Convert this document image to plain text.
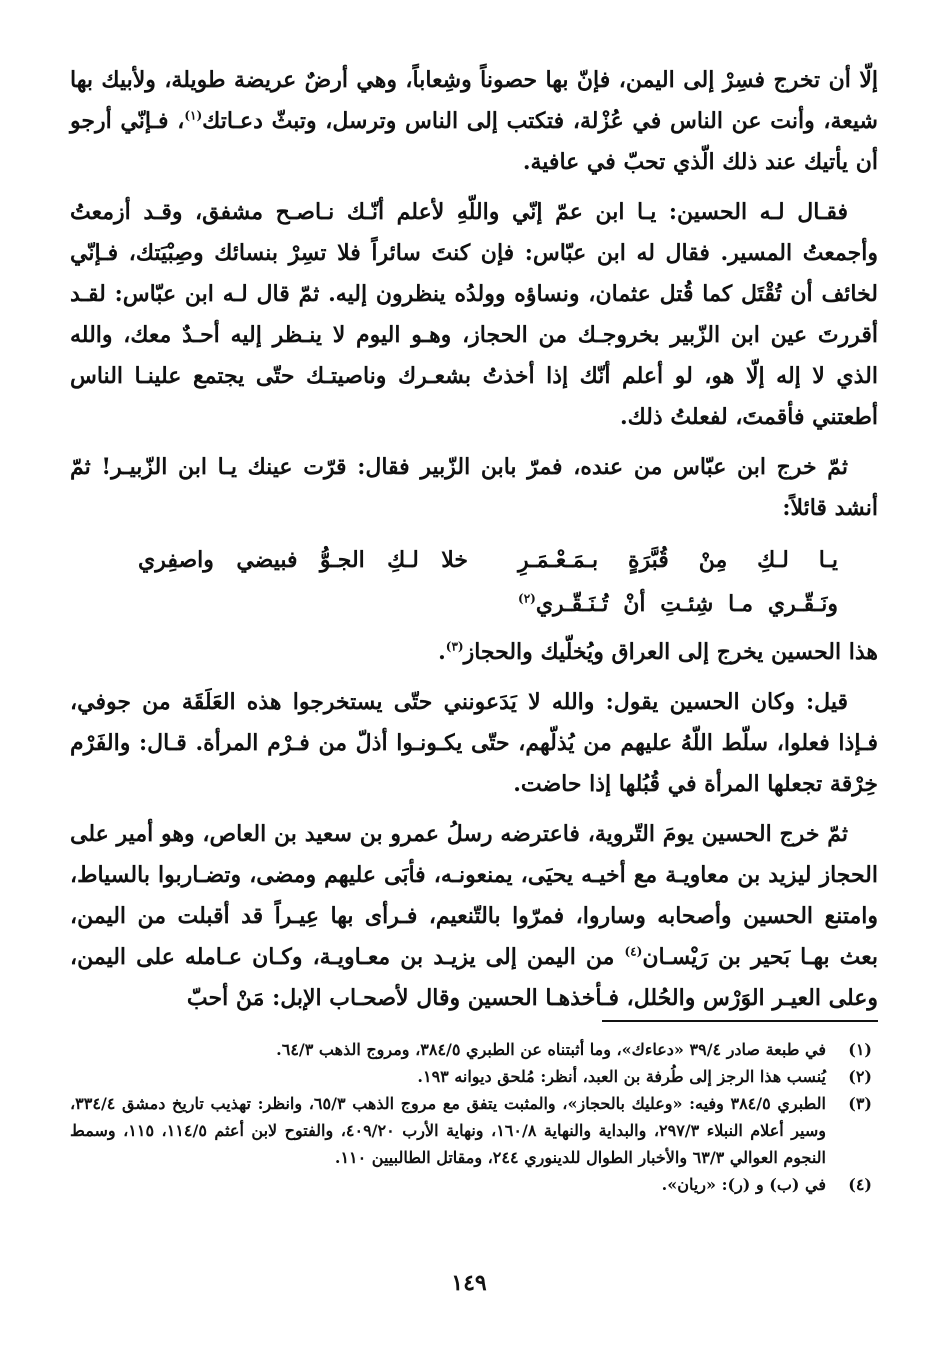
إلّا أن تخرج فسِرْ إلى اليمن، فإنّ بها حصوناً وشِعاباً، وهي أرضٌ عريضة طويلة، ولأبيك بها شيعة، وأنت عن الناس في عُزْلة، فتكتب إلى الناس وترسل، وتبثّ دعـاتك$^{(١)}$، فـإنّي أرجو أن يأتيك عند ذلك الّذي تحبّ في عافية.

فقـال لـه الحسين: يـا ابن عمّ إنّي واللّهِ لأعلم أنّـك نـاصـح مشفق، وقـد أزمعتُ وأجمعتُ المسير. فقال له ابن عبّاس: فإن كنتَ سائراً فلا تسِرْ بنسائك وصِبْيَتك، فـإنّي لخائف أن تُقْتَل كما قُتل عثمان، ونساؤه وولدُه ينظرون إليه. ثمّ قال لـه ابن عبّاس: لقـد أقررتَ عين ابن الزّبير بخروجـك من الحجاز، وهـو اليوم لا ينـظر إليه أحـدٌ معك، والله الذي لا إله إلّا هو، لو أعلم أنّك إذا أخذتُ بشعـرك وناصيتـك حتّى يجتمع علينـا الناس أطعتني فأقمتَ، لفعلتُ ذلك.

ثمّ خرج ابن عبّاس من عنده، فمرّ بابن الزّبير فقال: قرّت عينك يـا ابن الزّبيـر! ثمّ أنشد قائلاً:

يـا لـكِ مِنْ قُبَّرَةٍ بـمَـعْـمَـرِ
خلا لـكِ الجـوُّ فبيضي واصفِري
ونَـقّـري مـا شِئـتِ أنْ تُـنَـقّـري$^{(٢)}$

هذا الحسين يخرج إلى العراق ويُخلّيك والحجاز$^{(٣)}$.

قيل: وكان الحسين يقول: والله لا يَدَعونني حتّى يستخرجوا هذه العَلَقَة من جوفي، فـإذا فعلوا، سلّط اللّهُ عليهم من يُذلّهم، حتّى يكـونـوا أذلّ من فـرْم المرأة. قـال: والفَرْم خِرْقة تجعلها المرأة في قُبُلها إذا حاضت.

ثمّ خرج الحسين يومَ التّروية، فاعترضه رسلُ عمرو بن سعيد بن العاص، وهو أمير على الحجاز ليزيد بن معاويـة مع أخيـه يحيَى، يمنعونـه، فأبَى عليهم ومضى، وتضـاربوا بالسياط، وامتنع الحسين وأصحابه وساروا، فمرّوا بالتّنعيم، فـرأى بها عِيـراً قد أقبلت من اليمن، بعث بهـا بَحير بن رَيْسـان$^{(٤)}$ من اليمن إلى يزيـد بن معـاويـة، وكـان عـامله على اليمن، وعلى العيـر الوَرْس والحُلل، فـأخذهـا الحسين وقال لأصحـاب الإبل: مَنْ أحبّ

(١)
في طبعة صادر ٣٩/٤ «دعاءك»، وما أثبتناه عن الطبري ٣٨٤/٥، ومروج الذهب ٦٤/٣.
(٢)
يُنسب هذا الرجز إلى طُرفة بن العبد، أنظر: مُلحق ديوانه ١٩٣.
(٣)
الطبري ٣٨٤/٥ وفيه: «وعليك بالحجاز»، والمثبت يتفق مع مروج الذهب ٦٥/٣، وانظر: تهذيب تاريخ دمشق ٣٣٤/٤، وسير أعلام النبلاء ٢٩٧/٣، والبداية والنهاية ١٦٠/٨، ونهاية الأرب ٤٠٩/٢٠، والفتوح لابن أعثم ١١٤/٥، ١١٥، وسمط النجوم العوالي ٦٣/٣ والأخبار الطوال للدينوري ٢٤٤، ومقاتل الطالبيين ١١٠.
(٤)
في (ب) و (ر): «ريان».
١٤٩
